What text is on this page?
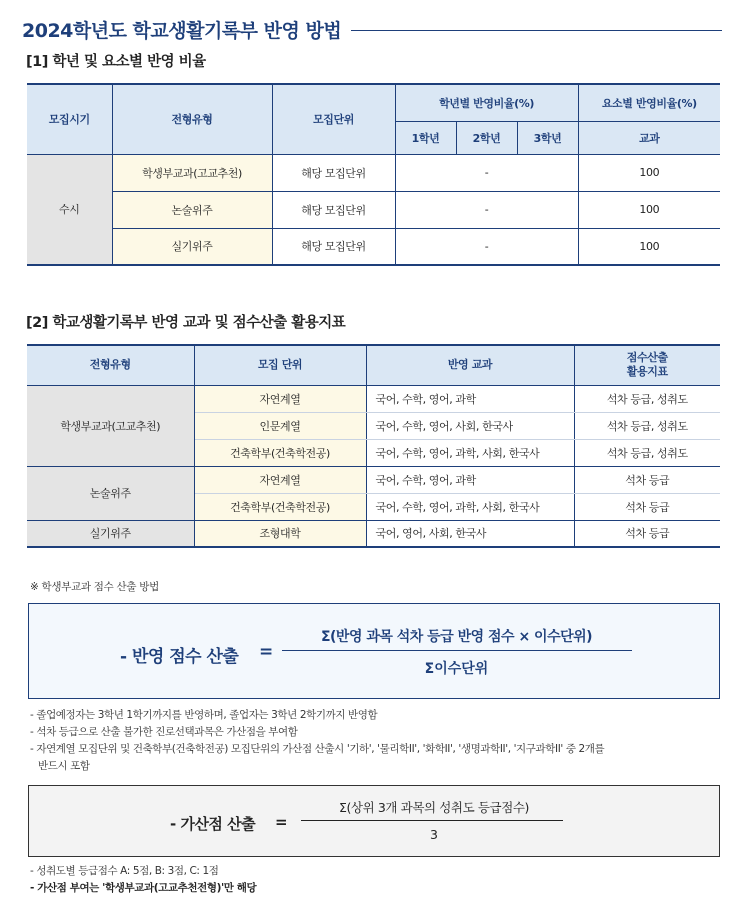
2024학년도 학교생활기록부 반영 방법
[1] 학년 및 요소별 반영 비율
모집시기	전형유형	모집단위	학년별 반영비율(%)			요소별 반영비율(%)
			1학년	2학년	3학년	교과
수시	학생부교과(고교추천)	해당 모집단위	-			100
	논술위주	해당 모집단위	-			100
	실기위주	해당 모집단위	-			100
[2] 학교생활기록부 반영 교과 및 점수산출 활용지표
전형유형	모집 단위	반영 교과	점수산출
활용지표
학생부교과(고교추천)	자연계열	국어, 수학, 영어, 과학	석차 등급, 성취도
	인문계열	국어, 수학, 영어, 사회, 한국사	석차 등급, 성취도
	건축학부(건축학전공)	국어, 수학, 영어, 과학, 사회, 한국사	석차 등급, 성취도
논술위주	자연계열	국어, 수학, 영어, 과학	석차 등급
	건축학부(건축학전공)	국어, 수학, 영어, 과학, 사회, 한국사	석차 등급
실기위주	조형대학	국어, 영어, 사회, 한국사	석차 등급
※ 학생부교과 점수 산출 방법
- 반영 점수 산출 =
Σ(반영 과목 석차 등급 반영 점수 × 이수단위)
Σ이수단위
- 졸업예정자는 3학년 1학기까지를 반영하며, 졸업자는 3학년 2학기까지 반영함
- 석차 등급으로 산출 불가한 진로선택과목은 가산점을 부여함
- 자연계열 모집단위 및 건축학부(건축학전공) 모집단위의 가산점 산출시 '기하', '물리학II', '화학II', '생명과학II', '지구과학II' 중 2개를
반드시 포함
- 가산점 산출 =
Σ(상위 3개 과목의 성취도 등급점수)
3
- 성취도별 등급점수 A: 5점, B: 3점, C: 1점
- 가산점 부여는 '학생부교과(고교추천전형)'만 해당
